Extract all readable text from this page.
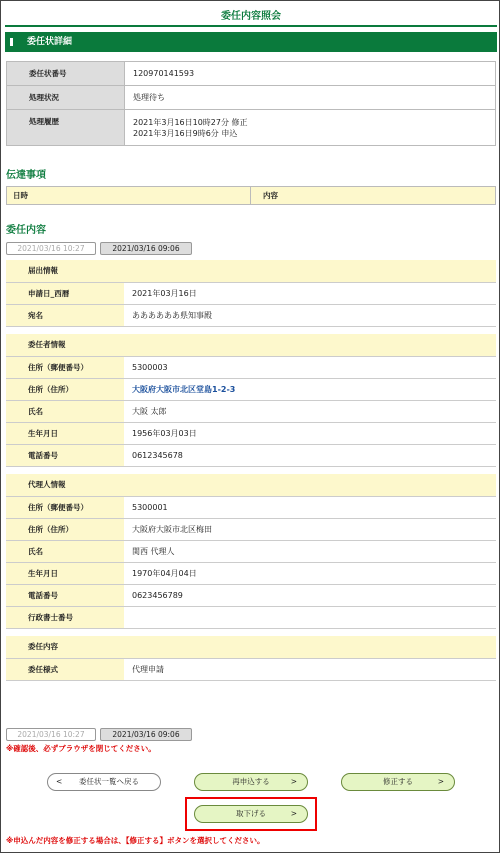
委任内容照会
委任状詳細
委任状番号	120970141593
処理状況	処理待ち
処理履歴	2021年3月16日10時27分 修正
2021年3月16日9時6分 申込
伝達事項
日時	内容
委任内容
2021/03/16 10:27	2021/03/16 09:06
届出情報	
申請日_西暦	2021年03月16日
宛名	ああああああ県知事殿

委任者情報	
住所（郵便番号）	5300003
住所（住所）	大阪府大阪市北区堂島1-2-3
氏名	大阪 太郎
生年月日	1956年03月03日
電話番号	0612345678

代理人情報	
住所（郵便番号）	5300001
住所（住所）	大阪府大阪市北区梅田
氏名	関西 代理人
生年月日	1970年04月04日
電話番号	0623456789
行政書士番号	

委任内容	
委任様式	代理申請
2021/03/16 10:27	2021/03/16 09:06
※確認後、必ずブラウザを閉じてください。
< 委任状一覧へ戻る	再申込する	>	修正する	>
取下げる	>
※申込んだ内容を修正する場合は、【修正する】ボタンを選択してください。
